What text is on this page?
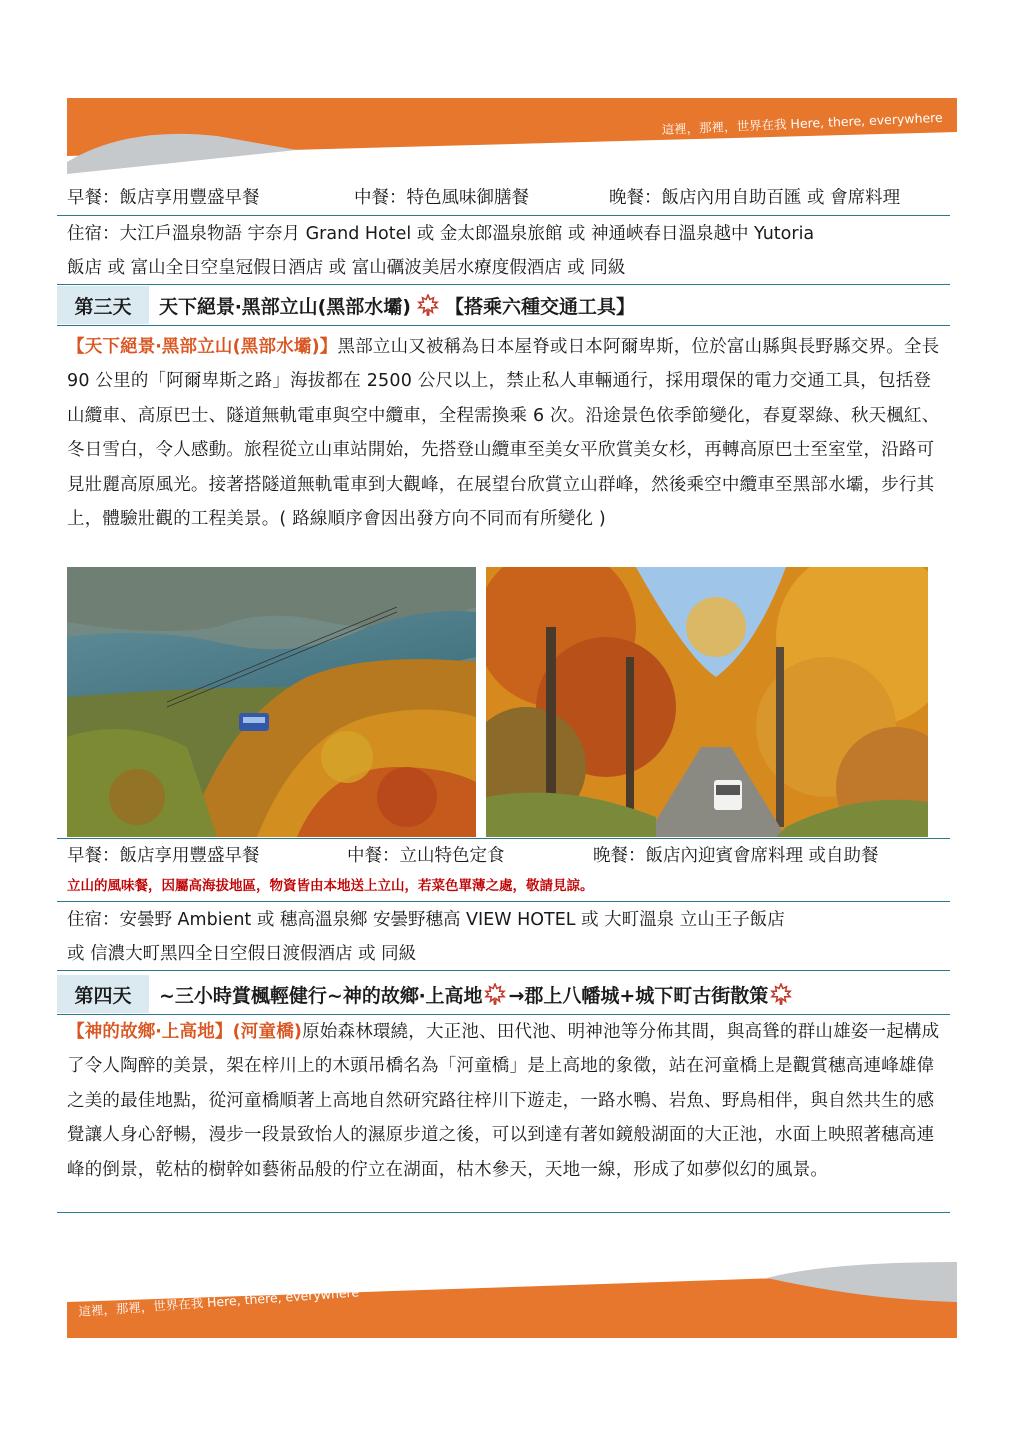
這裡，那裡，世界在我 Here, there, everywhere
早餐：飯店享用豐盛早餐	中餐：特色風味御膳餐	晚餐：飯店內用自助百匯 或 會席料理
住宿：大江戶溫泉物語 宇奈月 Grand Hotel 或 金太郎溫泉旅館 或 神通峽春日溫泉越中 Yutoria
飯店 或 富山全日空皇冠假日酒店 或 富山礪波美居水療度假酒店 或 同級
第三天	天下絕景‧黑部立山(黑部水壩) 【搭乘六種交通工具】
【天下絕景‧黑部立山(黑部水壩)】黑部立山又被稱為日本屋脊或日本阿爾卑斯，位於富山縣與長野縣交界。全長 90 公里的「阿爾卑斯之路」海拔都在 2500 公尺以上，禁止私人車輛通行，採用環保的電力交通工具，包括登山纜車、高原巴士、隧道無軌電車與空中纜車，全程需換乘 6 次。沿途景色依季節變化，春夏翠綠、秋天楓紅、冬日雪白，令人感動。旅程從立山車站開始，先搭登山纜車至美女平欣賞美女杉，再轉高原巴士至室堂，沿路可見壯麗高原風光。接著搭隧道無軌電車到大觀峰，在展望台欣賞立山群峰，然後乘空中纜車至黑部水壩，步行其上，體驗壯觀的工程美景。( 路線順序會因出發方向不同而有所變化 )
早餐：飯店享用豐盛早餐	中餐：立山特色定食	晚餐：飯店內迎賓會席料理 或自助餐
立山的風味餐，因屬高海拔地區，物資皆由本地送上立山，若菜色單薄之處，敬請見諒。
住宿：安曇野 Ambient 或 穗高溫泉鄉 安曇野穗高 VIEW HOTEL 或 大町溫泉 立山王子飯店
或 信濃大町黑四全日空假日渡假酒店 或 同級
第四天	~三小時賞楓輕健行~神的故鄉‧上高地 →郡上八幡城+城下町古街散策
【神的故鄉‧上高地】(河童橋)原始森林環繞，大正池、田代池、明神池等分佈其間，與高聳的群山雄姿一起構成了令人陶醉的美景，架在梓川上的木頭吊橋名為「河童橋」是上高地的象徵，站在河童橋上是觀賞穗高連峰雄偉之美的最佳地點，從河童橋順著上高地自然研究路往梓川下遊走，一路水鴨、岩魚、野鳥相伴，與自然共生的感覺讓人身心舒暢，漫步一段景致怡人的濕原步道之後，可以到達有著如鏡般湖面的大正池，水面上映照著穗高連峰的倒景，乾枯的樹幹如藝術品般的佇立在湖面，枯木參天，天地一線，形成了如夢似幻的風景。
這裡，那裡，世界在我 Here, there, everywhere
